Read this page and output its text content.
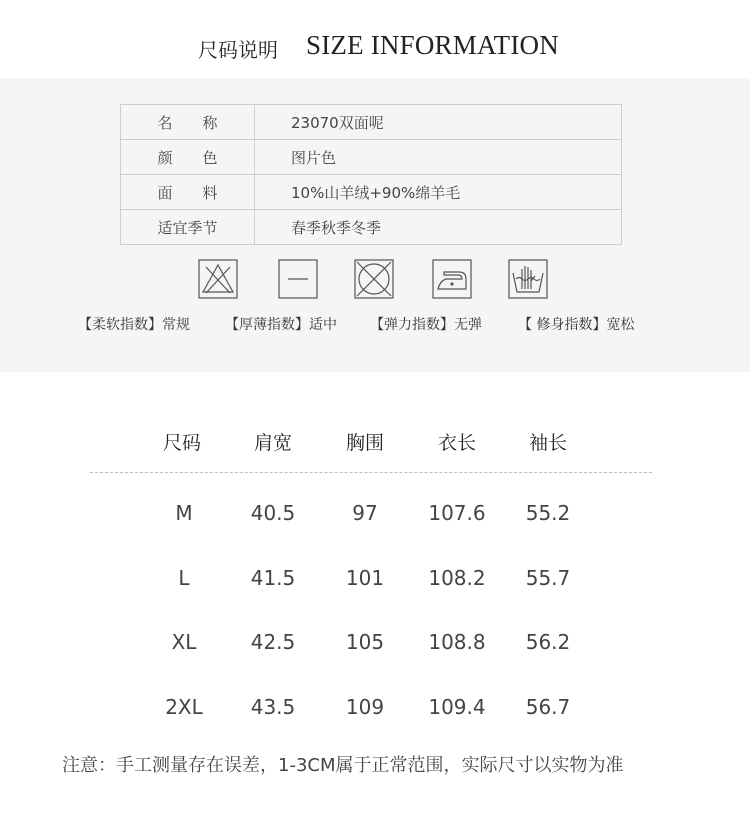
尺码说明 SIZE INFORMATION
名　　称	23070双面呢
颜　　色	图片色
面　　料	10%山羊绒+90%绵羊毛
适宜季节	春季秋季冬季
【柔软指数】常规	【厚薄指数】适中 【弹力指数】无弹	【 修身指数】宽松
尺码	肩宽	胸围	衣长	袖长
M	40.5	97	107.6	55.2
L	41.5	101	108.2	55.7
XL	42.5	105	108.8	56.2
2XL	43.5	109	109.4	56.7
注意：手工测量存在误差，1-3CM属于正常范围，实际尺寸以实物为准
